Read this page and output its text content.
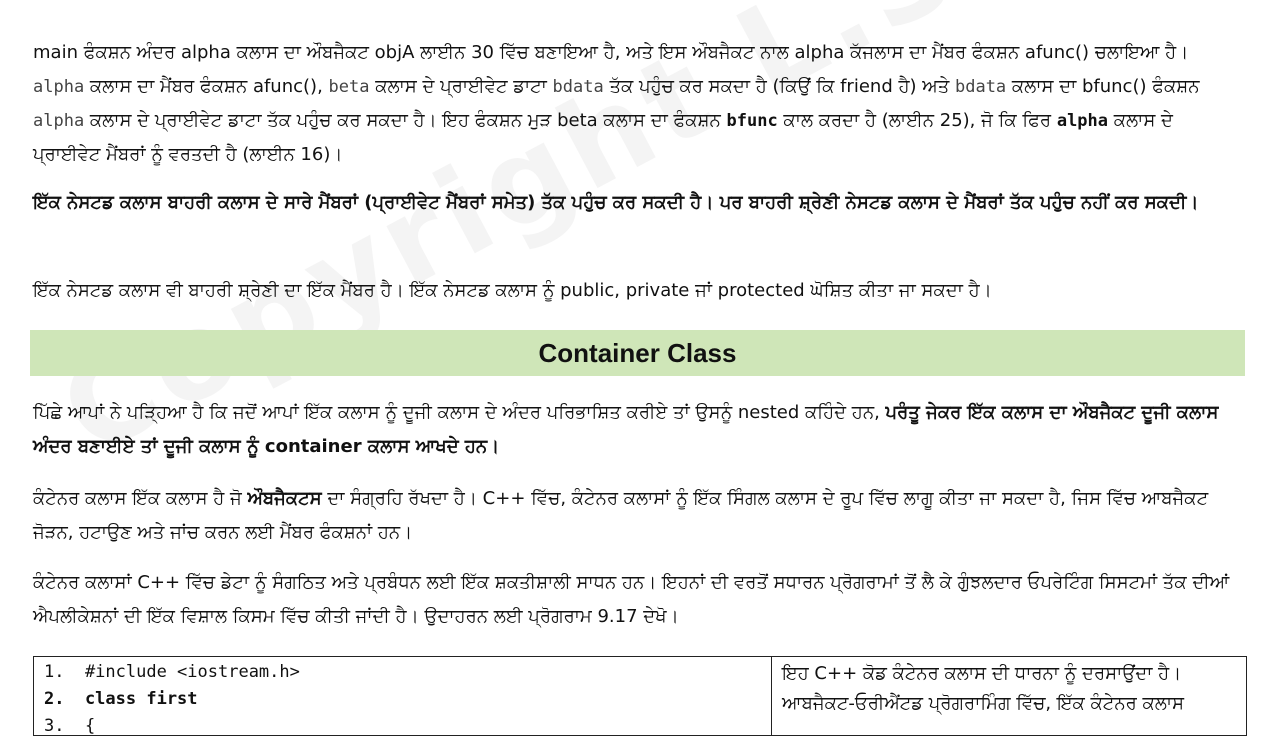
main ਫੰਕਸ਼ਨ ਅੰਦਰ alpha ਕਲਾਸ ਦਾ ਔਬਜੈਕਟ objA ਲਾਈਨ 30 ਵਿੱਚ ਬਣਾਇਆ ਹੈ, ਅਤੇ ਇਸ ਔਬਜੈਕਟ ਨਾਲ alpha ਕੱਜਲਾਸ ਦਾ ਮੈਂਬਰ ਫੰਕਸ਼ਨ afunc() ਚਲਾਇਆ ਹੈ। alpha ਕਲਾਸ ਦਾ ਮੈਂਬਰ ਫੰਕਸ਼ਨ afunc(), beta ਕਲਾਸ ਦੇ ਪ੍ਰਾਈਵੇਟ ਡਾਟਾ bdata ਤੱਕ ਪਹੁੰਚ ਕਰ ਸਕਦਾ ਹੈ (ਕਿਉਂ ਕਿ friend ਹੈ) ਅਤੇ bdata ਕਲਾਸ ਦਾ bfunc() ਫੰਕਸ਼ਨ alpha ਕਲਾਸ ਦੇ ਪ੍ਰਾਈਵੇਟ ਡਾਟਾ ਤੱਕ ਪਹੁੰਚ ਕਰ ਸਕਦਾ ਹੈ। ਇਹ ਫੰਕਸ਼ਨ ਮੁੜ beta ਕਲਾਸ ਦਾ ਫੰਕਸ਼ਨ bfunc ਕਾਲ ਕਰਦਾ ਹੈ (ਲਾਈਨ 25), ਜੋ ਕਿ ਫਿਰ alpha ਕਲਾਸ ਦੇ ਪ੍ਰਾਈਵੇਟ ਮੈਂਬਰਾਂ ਨੂੰ ਵਰਤਦੀ ਹੈ (ਲਾਈਨ 16)।

ਇੱਕ ਨੇਸਟਡ ਕਲਾਸ ਬਾਹਰੀ ਕਲਾਸ ਦੇ ਸਾਰੇ ਮੈਂਬਰਾਂ (ਪ੍ਰਾਈਵੇਟ ਮੈਂਬਰਾਂ ਸਮੇਤ) ਤੱਕ ਪਹੁੰਚ ਕਰ ਸਕਦੀ ਹੈ। ਪਰ ਬਾਹਰੀ ਸ਼੍ਰੇਣੀ ਨੇਸਟਡ ਕਲਾਸ ਦੇ ਮੈਂਬਰਾਂ ਤੱਕ ਪਹੁੰਚ ਨਹੀਂ ਕਰ ਸਕਦੀ।

ਇੱਕ ਨੇਸਟਡ ਕਲਾਸ ਵੀ ਬਾਹਰੀ ਸ਼੍ਰੇਣੀ ਦਾ ਇੱਕ ਮੈਂਬਰ ਹੈ। ਇੱਕ ਨੇਸਟਡ ਕਲਾਸ ਨੂੰ public, private ਜਾਂ protected ਘੋਸ਼ਿਤ ਕੀਤਾ ਜਾ ਸਕਦਾ ਹੈ।

Container Class

ਪਿੱਛੇ ਆਪਾਂ ਨੇ ਪੜ੍ਹਿਆ ਹੈ ਕਿ ਜਦੋਂ ਆਪਾਂ ਇੱਕ ਕਲਾਸ ਨੂੰ ਦੂਜੀ ਕਲਾਸ ਦੇ ਅੰਦਰ ਪਰਿਭਾਸ਼ਿਤ ਕਰੀਏ ਤਾਂ ਉਸਨੂੰ nested ਕਹਿੰਦੇ ਹਨ, ਪਰੰਤੂ ਜੇਕਰ ਇੱਕ ਕਲਾਸ ਦਾ ਔਬਜੈਕਟ ਦੂਜੀ ਕਲਾਸ ਅੰਦਰ ਬਣਾਈਏ ਤਾਂ ਦੂਜੀ ਕਲਾਸ ਨੂੰ container ਕਲਾਸ ਆਖਦੇ ਹਨ।

ਕੰਟੇਨਰ ਕਲਾਸ ਇੱਕ ਕਲਾਸ ਹੈ ਜੋ ਔਬਜੈਕਟਸ ਦਾ ਸੰਗ੍ਰਹਿ ਰੱਖਦਾ ਹੈ। C++ ਵਿੱਚ, ਕੰਟੇਨਰ ਕਲਾਸਾਂ ਨੂੰ ਇੱਕ ਸਿੰਗਲ ਕਲਾਸ ਦੇ ਰੂਪ ਵਿੱਚ ਲਾਗੂ ਕੀਤਾ ਜਾ ਸਕਦਾ ਹੈ, ਜਿਸ ਵਿੱਚ ਆਬਜੈਕਟ ਜੋੜਨ, ਹਟਾਉਣ ਅਤੇ ਜਾਂਚ ਕਰਨ ਲਈ ਮੈਂਬਰ ਫੰਕਸ਼ਨਾਂ ਹਨ।

ਕੰਟੇਨਰ ਕਲਾਸਾਂ C++ ਵਿੱਚ ਡੇਟਾ ਨੂੰ ਸੰਗਠਿਤ ਅਤੇ ਪ੍ਰਬੰਧਨ ਲਈ ਇੱਕ ਸ਼ਕਤੀਸ਼ਾਲੀ ਸਾਧਨ ਹਨ। ਇਹਨਾਂ ਦੀ ਵਰਤੋਂ ਸਧਾਰਨ ਪ੍ਰੋਗਰਾਮਾਂ ਤੋਂ ਲੈ ਕੇ ਗੁੰਝਲਦਾਰ ਓਪਰੇਟਿੰਗ ਸਿਸਟਮਾਂ ਤੱਕ ਦੀਆਂ ਐਪਲੀਕੇਸ਼ਨਾਂ ਦੀ ਇੱਕ ਵਿਸ਼ਾਲ ਕਿਸਮ ਵਿੱਚ ਕੀਤੀ ਜਾਂਦੀ ਹੈ। ਉਦਾਹਰਨ ਲਈ ਪ੍ਰੋਗਰਾਮ 9.17 ਦੇਖੋ।

1.  #include <iostream.h>
2.  class first
3.  {
ਇਹ C++ ਕੋਡ ਕੰਟੇਨਰ ਕਲਾਸ ਦੀ ਧਾਰਨਾ ਨੂੰ ਦਰਸਾਉਂਦਾ ਹੈ। ਆਬਜੈਕਟ-ਓਰੀਐਂਟਡ ਪ੍ਰੋਗਰਾਮਿੰਗ ਵਿੱਚ, ਇੱਕ ਕੰਟੇਨਰ ਕਲਾਸ
